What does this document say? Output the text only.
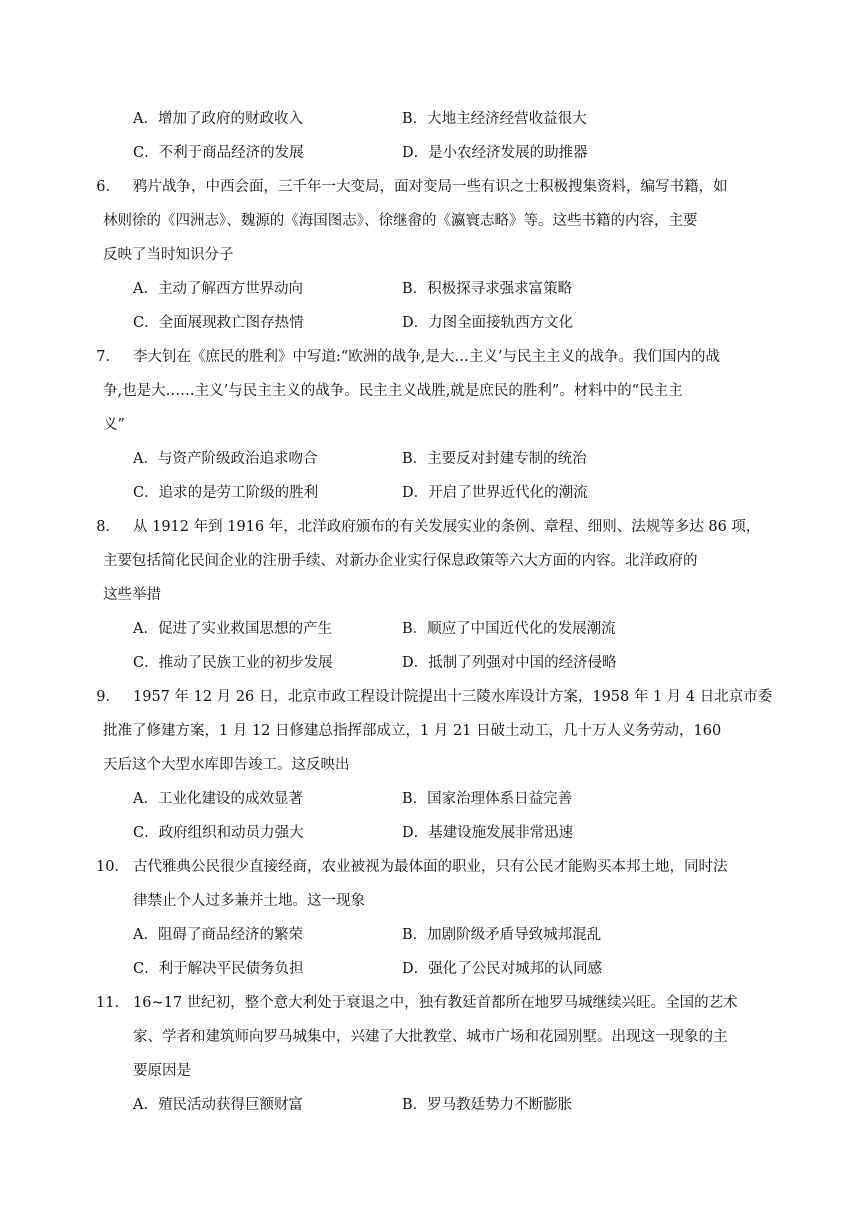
A．增加了政府的财政收入	B．大地主经济经营收益很大
C．不利于商品经济的发展	D．是小农经济发展的助推器
6． 鸦片战争，中西会面，三千年一大变局，面对变局一些有识之士积极搜集资料，编写书籍，如
林则徐的《四洲志》、魏源的《海国图志》、徐继畲的《瀛寰志略》等。这些书籍的内容，主要
反映了当时知识分子
A．主动了解西方世界动向	B．积极探寻求强求富策略
C．全面展现救亡图存热情	D．力图全面接轨西方文化
7． 李大钊在《庶民的胜利》中写道:“欧洲的战争,是大…主义’与民主主义的战争。我们国内的战
争,也是大……主义’与民主主义的战争。民主主义战胜,就是庶民的胜利”。材料中的“民主主
义”
A．与资产阶级政治追求吻合	B．主要反对封建专制的统治
C．追求的是劳工阶级的胜利	D．开启了世界近代化的潮流
8． 从 1912 年到 1916 年，北洋政府颁布的有关发展实业的条例、章程、细则、法规等多达 86 项，
主要包括简化民间企业的注册手续、对新办企业实行保息政策等六大方面的内容。北洋政府的
这些举措
A．促进了实业救国思想的产生	B．顺应了中国近代化的发展潮流
C．推动了民族工业的初步发展	D．抵制了列强对中国的经济侵略
9． 1957 年 12 月 26 日，北京市政工程设计院提出十三陵水库设计方案，1958 年 1 月 4 日北京市委
批准了修建方案，1 月 12 日修建总指挥部成立，1 月 21 日破土动工，几十万人义务劳动，160
天后这个大型水库即告竣工。这反映出
A．工业化建设的成效显著	B．国家治理体系日益完善
C．政府组织和动员力强大	D．基建设施发展非常迅速
10． 古代雅典公民很少直接经商，农业被视为最体面的职业，只有公民才能购买本邦土地，同时法
律禁止个人过多兼并土地。这一现象
A．阻碍了商品经济的繁荣	B．加剧阶级矛盾导致城邦混乱
C．利于解决平民债务负担	D．强化了公民对城邦的认同感
11． 16~17 世纪初，整个意大利处于衰退之中，独有教廷首都所在地罗马城继续兴旺。全国的艺术
家、学者和建筑师向罗马城集中，兴建了大批教堂、城市广场和花园别墅。出现这一现象的主
要原因是
A．殖民活动获得巨额财富	B．罗马教廷势力不断膨胀
